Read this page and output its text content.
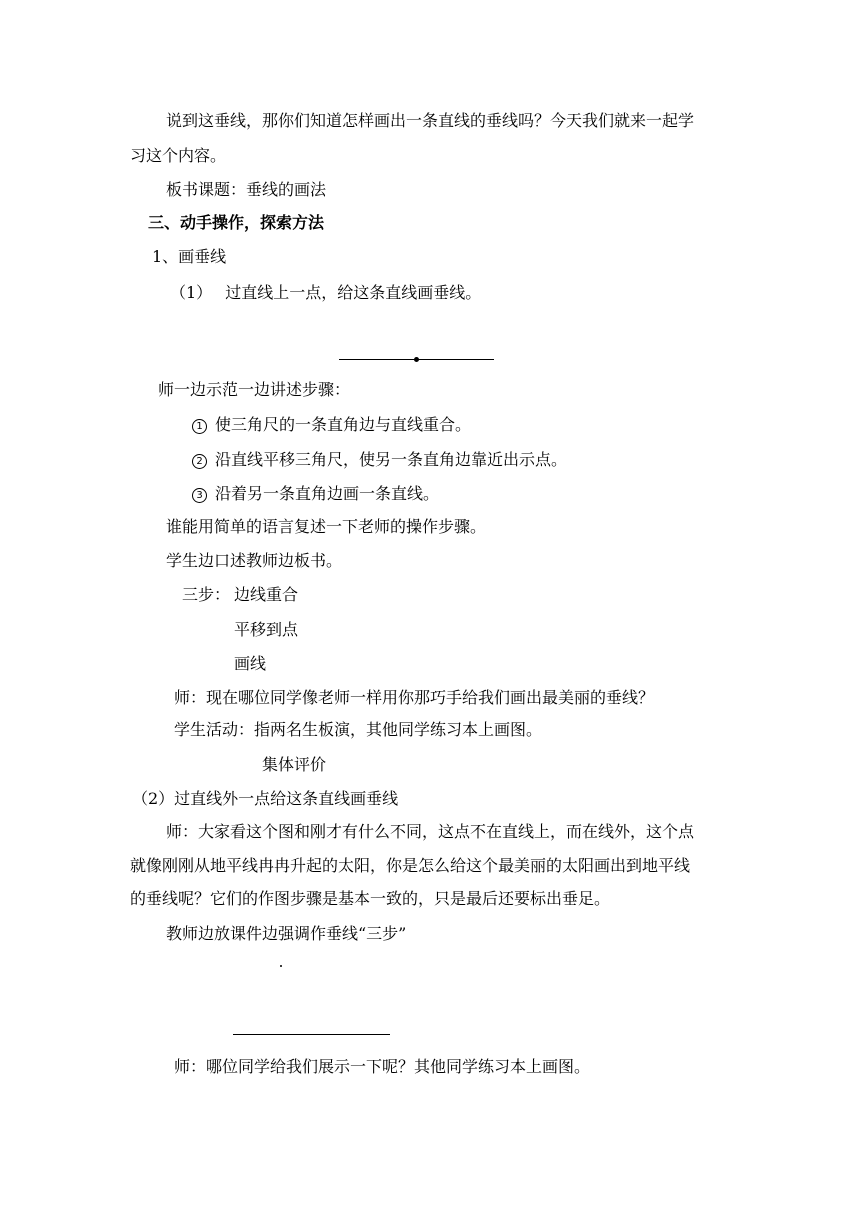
说到这垂线，那你们知道怎样画出一条直线的垂线吗？今天我们就来一起学
习这个内容。
板书课题：垂线的画法
三、动手操作，探索方法
1、画垂线
（1） 过直线上一点，给这条直线画垂线。
师一边示范一边讲述步骤：
1 使三角尺的一条直角边与直线重合。
2 沿直线平移三角尺，使另一条直角边靠近出示点。
3 沿着另一条直角边画一条直线。
谁能用简单的语言复述一下老师的操作步骤。
学生边口述教师边板书。
三步： 边线重合
平移到点
画线
师：现在哪位同学像老师一样用你那巧手给我们画出最美丽的垂线？
学生活动：指两名生板演，其他同学练习本上画图。
集体评价
（2）过直线外一点给这条直线画垂线
师：大家看这个图和刚才有什么不同，这点不在直线上，而在线外，这个点
就像刚刚从地平线冉冉升起的太阳，你是怎么给这个最美丽的太阳画出到地平线
的垂线呢？它们的作图步骤是基本一致的，只是最后还要标出垂足。
教师边放课件边强调作垂线“三步”
师：哪位同学给我们展示一下呢？其他同学练习本上画图。
